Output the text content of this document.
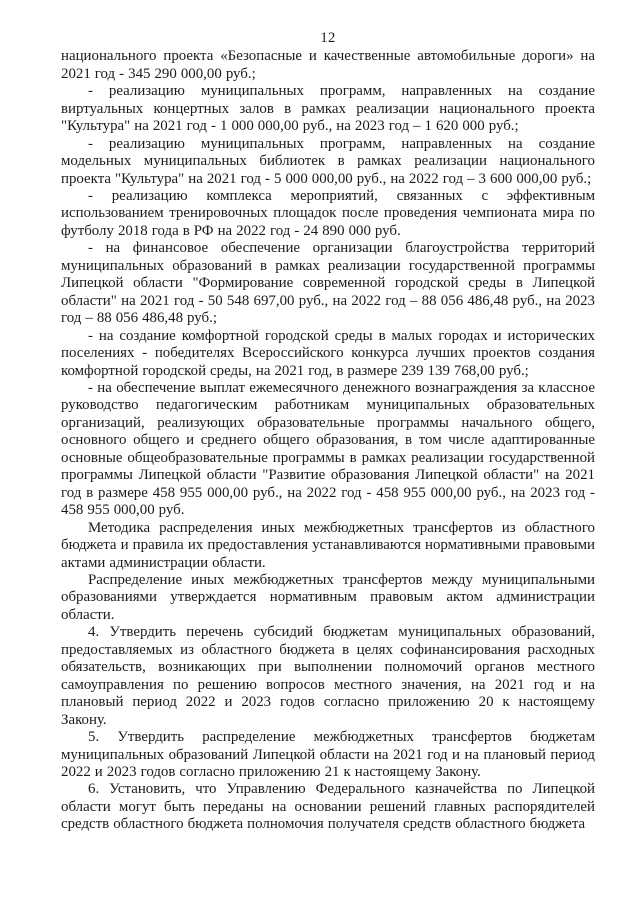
12

национального проекта «Безопасные и качественные автомобильные дороги» на 2021 год - 345 290 000,00 руб.;

- реализацию муниципальных программ, направленных на создание виртуальных концертных залов в рамках реализации национального проекта "Культура" на 2021 год - 1 000 000,00 руб., на 2023 год – 1 620 000 руб.;

- реализацию муниципальных программ, направленных на создание модельных муниципальных библиотек в рамках реализации национального проекта "Культура" на 2021 год - 5 000 000,00 руб., на 2022 год – 3 600 000,00 руб.;

- реализацию комплекса мероприятий, связанных с эффективным использованием тренировочных площадок после проведения чемпионата мира по футболу 2018 года в РФ на 2022 год - 24 890 000 руб.

- на финансовое обеспечение организации благоустройства территорий муниципальных образований в рамках реализации государственной программы Липецкой области "Формирование современной городской среды в Липецкой области" на 2021 год - 50 548 697,00 руб., на 2022 год – 88 056 486,48 руб., на 2023 год – 88 056 486,48 руб.;

- на создание комфортной городской среды в малых городах и исторических поселениях - победителях Всероссийского конкурса лучших проектов создания комфортной городской среды, на 2021 год, в размере 239 139 768,00 руб.;

- на обеспечение выплат ежемесячного денежного вознаграждения за классное руководство педагогическим работникам муниципальных образовательных организаций, реализующих образовательные программы начального общего, основного общего и среднего общего образования, в том числе адаптированные основные общеобразовательные программы в рамках реализации государственной программы Липецкой области "Развитие образования Липецкой области" на 2021 год в размере 458 955 000,00 руб., на 2022 год - 458 955 000,00 руб., на 2023 год - 458 955 000,00 руб.

Методика распределения иных межбюджетных трансфертов из областного бюджета и правила их предоставления устанавливаются нормативными правовыми актами администрации области.

Распределение иных межбюджетных трансфертов между муниципальными образованиями утверждается нормативным правовым актом администрации области.

4. Утвердить перечень субсидий бюджетам муниципальных образований, предоставляемых из областного бюджета в целях софинансирования расходных обязательств, возникающих при выполнении полномочий органов местного самоуправления по решению вопросов местного значения, на 2021 год и на плановый период 2022 и 2023 годов согласно приложению 20 к настоящему Закону.

5. Утвердить распределение межбюджетных трансфертов бюджетам муниципальных образований Липецкой области на 2021 год и на плановый период 2022 и 2023 годов согласно приложению 21 к настоящему Закону.

6. Установить, что Управлению Федерального казначейства по Липецкой области могут быть переданы на основании решений главных распорядителей средств областного бюджета полномочия получателя средств областного бюджета
